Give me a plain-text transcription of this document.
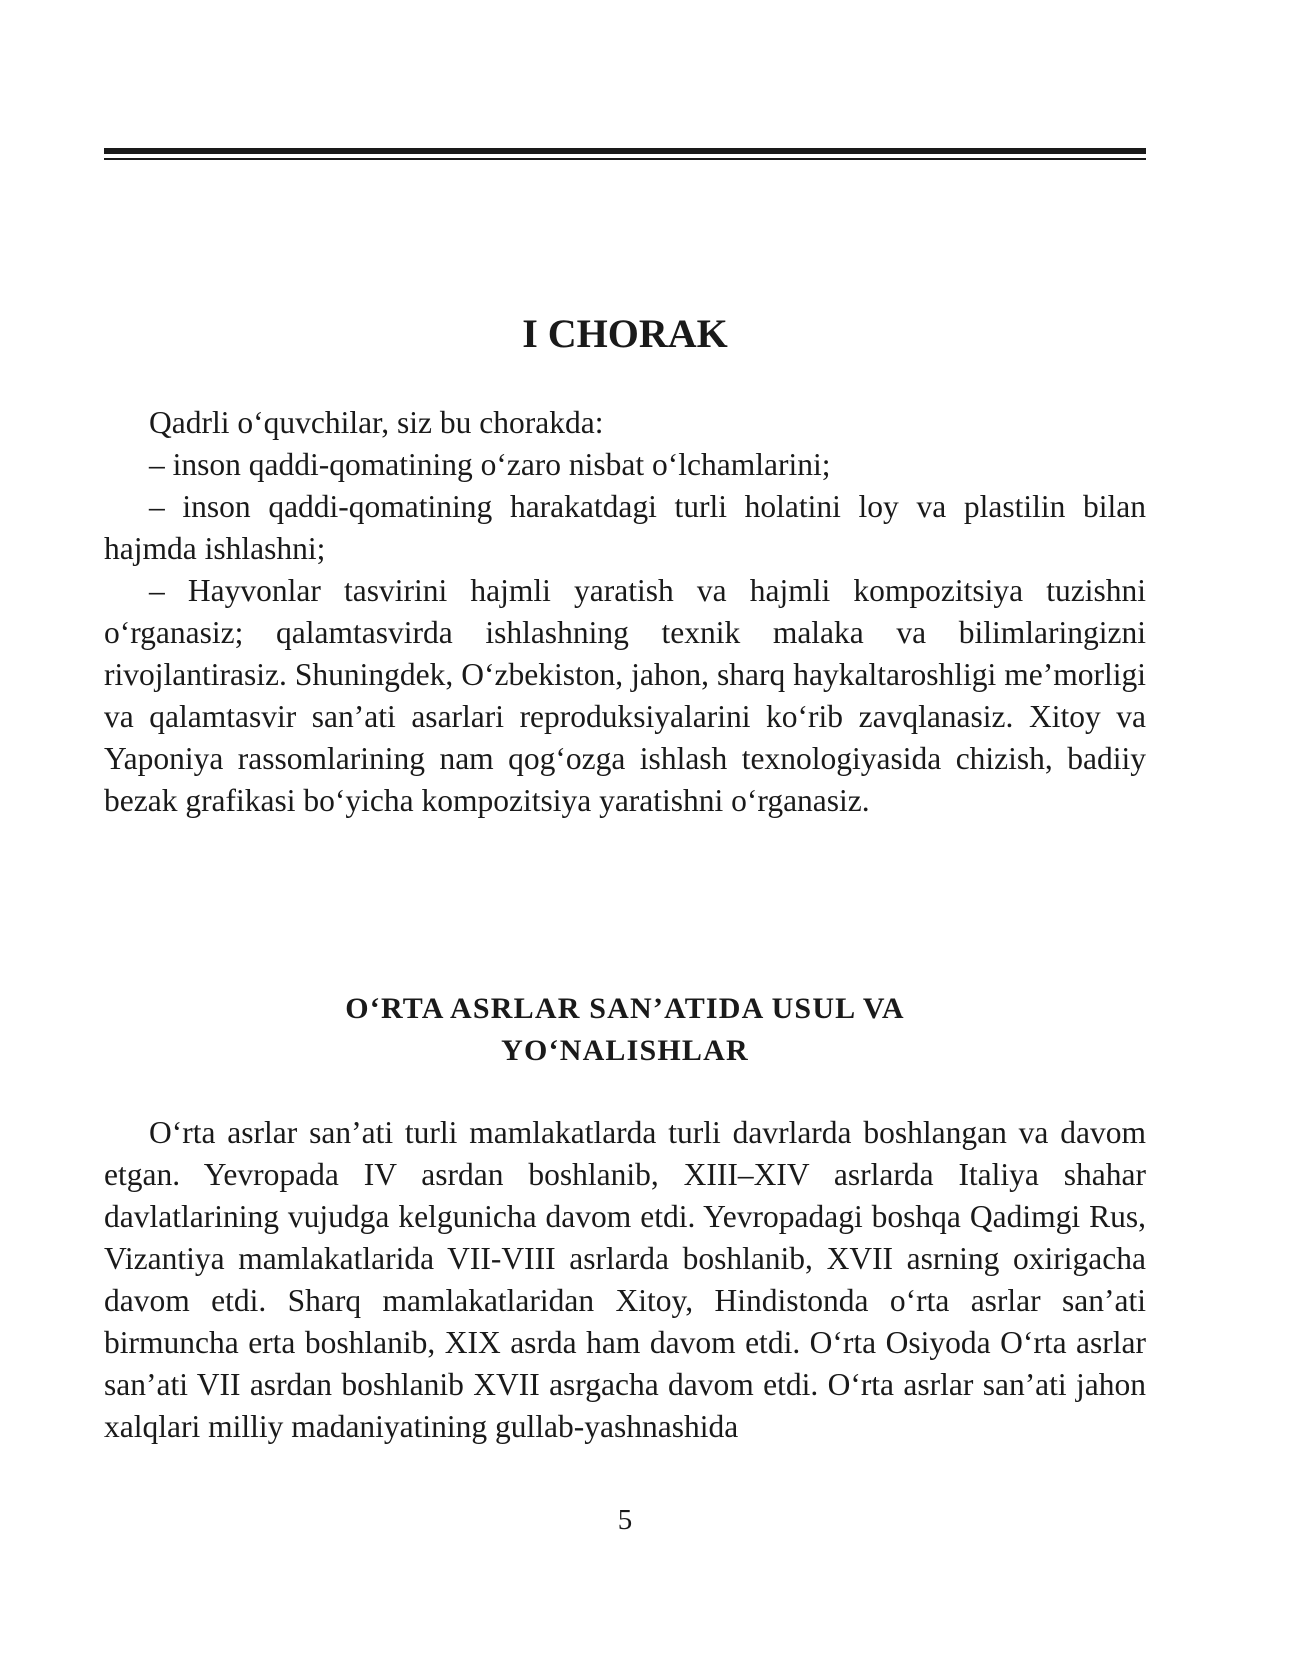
I CHORAK

Qadrli o‘quvchilar, siz bu chorakda:

– inson qaddi-qomatining o‘zaro nisbat o‘lchamlarini;

– inson qaddi-qomatining harakatdagi turli holatini loy va plastilin bilan hajmda ishlashni;

– Hayvonlar tasvirini hajmli yaratish va hajmli kompozitsiya tuzishni o‘rganasiz; qalamtasvirda ishlashning texnik malaka va bilimlaringizni rivojlantirasiz. Shuningdek, O‘zbekiston, jahon, sharq haykaltaroshligi me’morligi va qalamtasvir san’ati asarlari reproduksiyalarini ko‘rib zavqlanasiz. Xitoy va Yaponiya rassomlarining nam qog‘ozga ishlash texnologiyasida chizish, badiiy bezak grafikasi bo‘yicha kompozitsiya yaratishni o‘rganasiz.

O‘RTA ASRLAR SAN’ATIDA USUL VA
YO‘NALISHLAR

O‘rta asrlar san’ati turli mamlakatlarda turli davrlarda boshlangan va davom etgan. Yevropada IV asrdan boshlanib, XIII–XIV asrlarda Italiya shahar davlatlarining vujudga kelgunicha davom etdi. Yevropadagi boshqa Qadimgi Rus, Vizantiya mamlakatlarida VII-VIII asrlarda boshlanib, XVII asrning oxirigacha davom etdi. Sharq mamlakatlaridan Xitoy, Hindistonda o‘rta asrlar san’ati birmuncha erta boshlanib, XIX asrda ham davom etdi. O‘rta Osiyoda O‘rta asrlar san’ati VII asrdan boshlanib XVII asrgacha davom etdi. O‘rta asrlar san’ati jahon xalqlari milliy madaniyatining gullab-yashnashida

5
